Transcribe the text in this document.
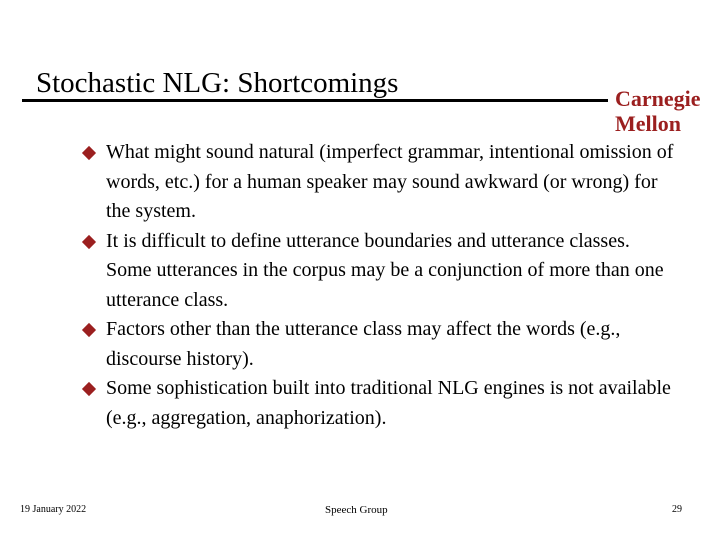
Stochastic NLG: Shortcomings	Carnegie
Mellon
What might sound natural (imperfect grammar, intentional omission of words, etc.) for a human speaker may sound awkward (or wrong) for the system.
It is difficult to define utterance boundaries and utterance classes. Some utterances in the corpus may be a conjunction of more than one utterance class.
Factors other than the utterance class may affect the words (e.g., discourse history).
Some sophistication built into traditional NLG engines is not available (e.g., aggregation, anaphorization).
19 January 2022	Speech Group	29
